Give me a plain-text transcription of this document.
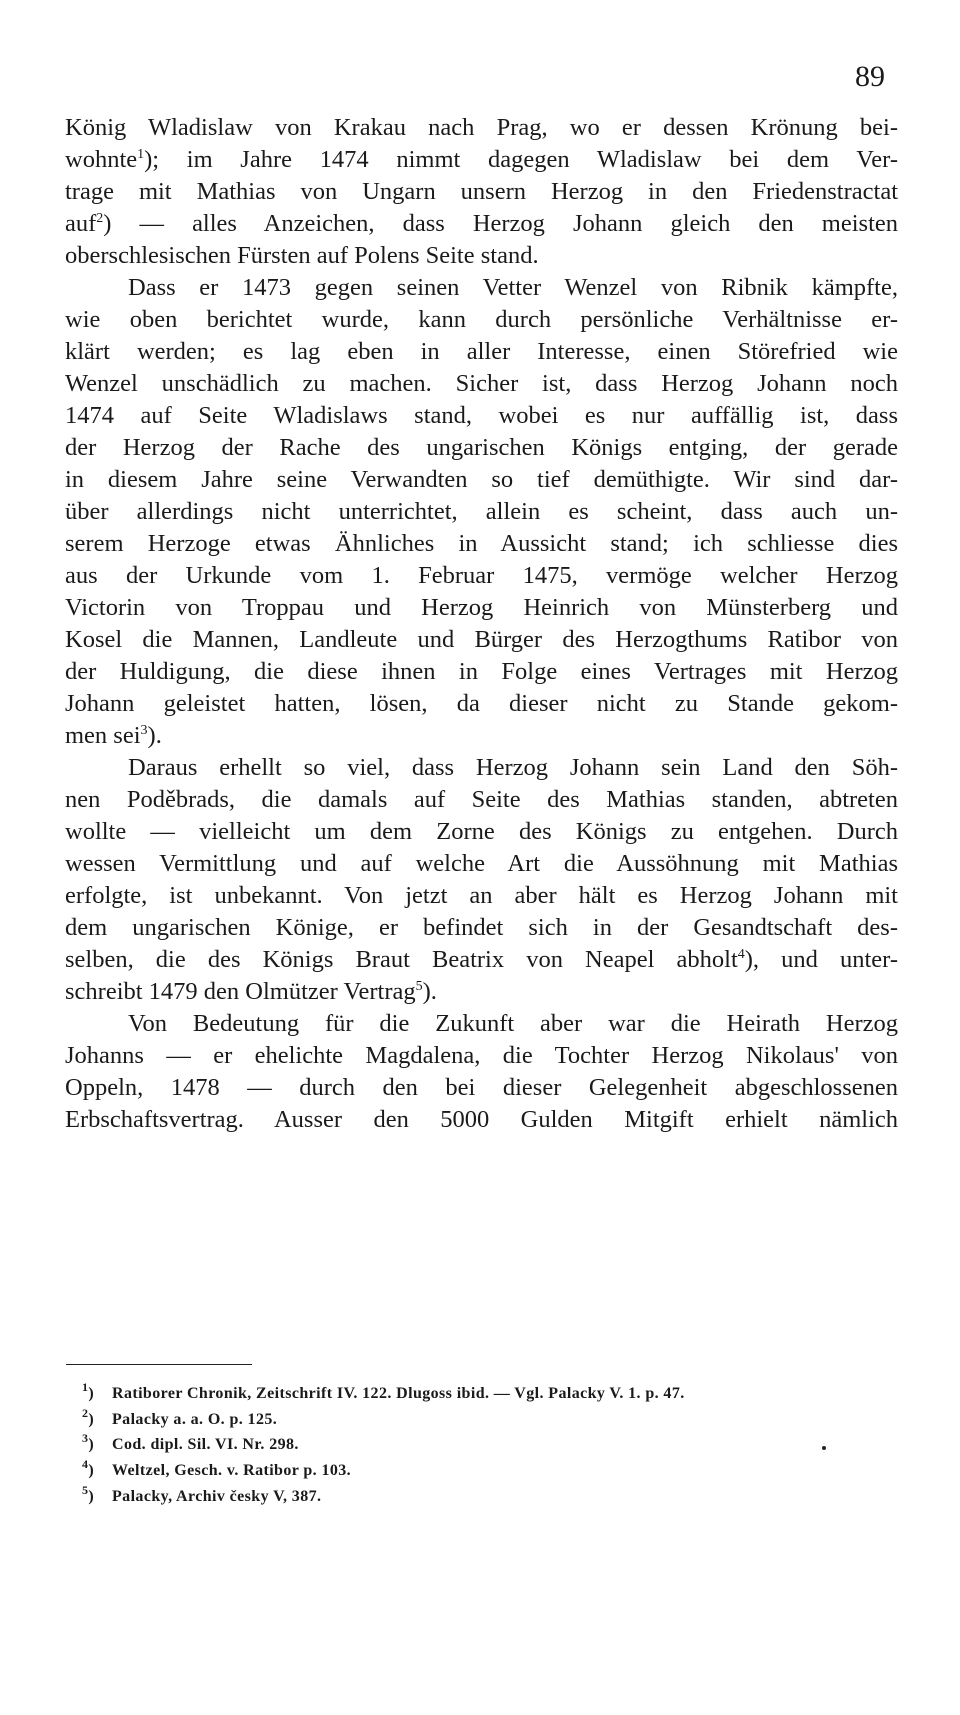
89
König Wladislaw von Krakau nach Prag, wo er dessen Krönung bei-
wohnte$^1$); im Jahre 1474 nimmt dagegen Wladislaw bei dem Ver-
trage mit Mathias von Ungarn unsern Herzog in den Friedenstractat
auf$^2$) — alles Anzeichen, dass Herzog Johann gleich den meisten
oberschlesischen Fürsten auf Polens Seite stand.
Dass er 1473 gegen seinen Vetter Wenzel von Ribnik kämpfte,
wie oben berichtet wurde, kann durch persönliche Verhältnisse er-
klärt werden; es lag eben in aller Interesse, einen Störefried wie
Wenzel unschädlich zu machen. Sicher ist, dass Herzog Johann noch
1474 auf Seite Wladislaws stand, wobei es nur auffällig ist, dass
der Herzog der Rache des ungarischen Königs entging, der gerade
in diesem Jahre seine Verwandten so tief demüthigte. Wir sind dar-
über allerdings nicht unterrichtet, allein es scheint, dass auch un-
serem Herzoge etwas Ähnliches in Aussicht stand; ich schliesse dies
aus der Urkunde vom 1. Februar 1475, vermöge welcher Herzog
Victorin von Troppau und Herzog Heinrich von Münsterberg und
Kosel die Mannen, Landleute und Bürger des Herzogthums Ratibor von
der Huldigung, die diese ihnen in Folge eines Vertrages mit Herzog
Johann geleistet hatten, lösen, da dieser nicht zu Stande gekom-
men sei$^3$).
Daraus erhellt so viel, dass Herzog Johann sein Land den Söh-
nen Poděbrads, die damals auf Seite des Mathias standen, abtreten
wollte — vielleicht um dem Zorne des Königs zu entgehen. Durch
wessen Vermittlung und auf welche Art die Aussöhnung mit Mathias
erfolgte, ist unbekannt. Von jetzt an aber hält es Herzog Johann mit
dem ungarischen Könige, er befindet sich in der Gesandtschaft des-
selben, die des Königs Braut Beatrix von Neapel abholt$^4$), und unter-
schreibt 1479 den Olmützer Vertrag$^5$).
Von Bedeutung für die Zukunft aber war die Heirath Herzog
Johanns — er ehelichte Magdalena, die Tochter Herzog Nikolaus' von
Oppeln, 1478 — durch den bei dieser Gelegenheit abgeschlossenen
Erbschaftsvertrag. Ausser den 5000 Gulden Mitgift erhielt nämlich
$^1$) Ratiborer Chronik, Zeitschrift IV. 122. Dlugoss ibid. — Vgl. Palacky V. 1. p. 47.
$^2$) Palacky a. a. O. p. 125.
$^3$) Cod. dipl. Sil. VI. Nr. 298.
$^4$) Weltzel, Gesch. v. Ratibor p. 103.
$^5$) Palacky, Archiv česky V, 387.
